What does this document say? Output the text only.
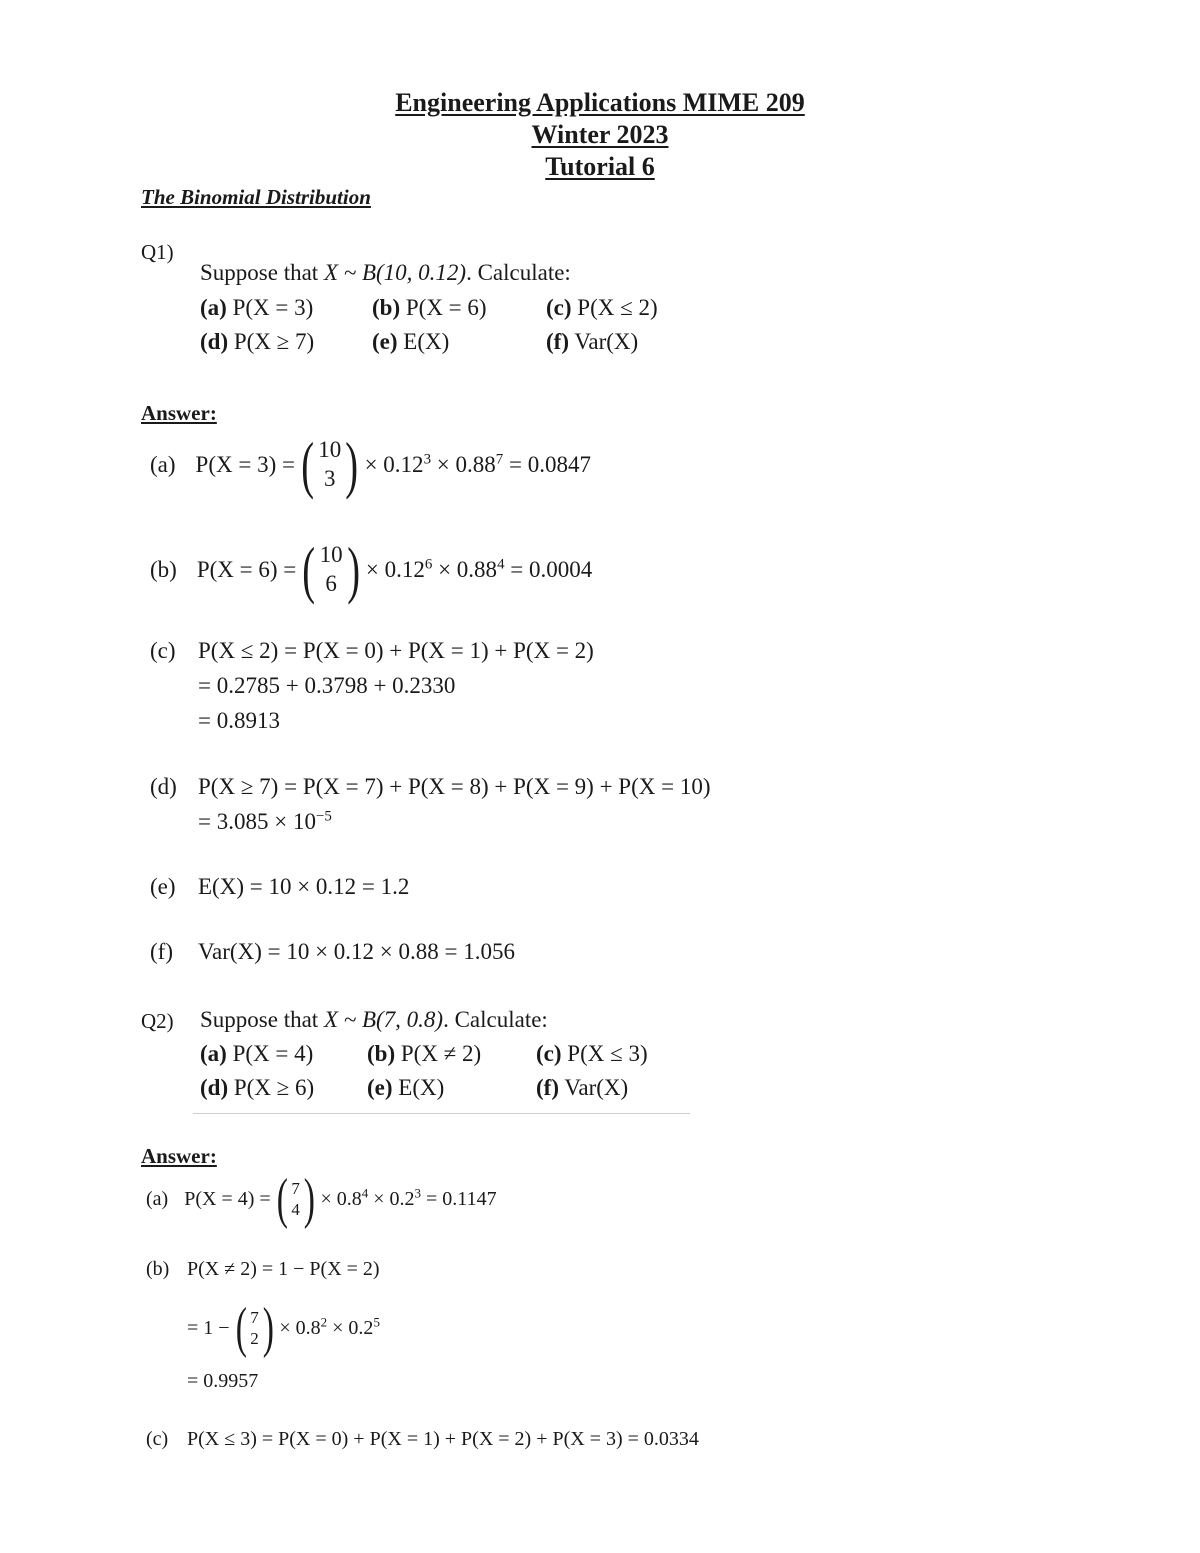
Engineering Applications MIME 209
Winter 2023
Tutorial 6
The Binomial Distribution
Q1)
Suppose that X ~ B(10, 0.12). Calculate:
(a) P(X = 3)	(b) P(X = 6)	(c) P(X ≤ 2)
(d) P(X ≥ 7)	(e) E(X)	(f) Var(X)
Answer:
(a) P(X = 3) = ( 10
3 ) × $0.12^3 \times 0.88^7 = 0.0847$
(b) P(X = 6) = ( 10
6 ) × $0.12^6 \times 0.88^4 = 0.0004$
(c) P(X ≤ 2) = P(X = 0) + P(X = 1) + P(X = 2)
= 0.2785 + 0.3798 + 0.2330
= 0.8913
(d) P(X ≥ 7) = P(X = 7) + P(X = 8) + P(X = 9) + P(X = 10)
= $3.085 \times 10^{-5}$
(e) E(X) = 10 × 0.12 = 1.2
(f) Var(X) = 10 × 0.12 × 0.88 = 1.056
Q2) Suppose that X ~ B(7, 0.8). Calculate:
(a) P(X = 4) (b) P(X ≠ 2) (c) P(X ≤ 3)
(d) P(X ≥ 6) (e) E(X)	(f) Var(X)
Answer:
(a) P(X = 4) = ( 7
4 ) × $0.8^4 \times 0.2^3 = 0.1147$
(b) P(X ≠ 2) = 1 − P(X = 2)
= 1 − ( 7
2 ) × $0.8^2 \times 0.2^5$
= 0.9957
(c) P(X ≤ 3) = P(X = 0) + P(X = 1) + P(X = 2) + P(X = 3) = 0.0334
